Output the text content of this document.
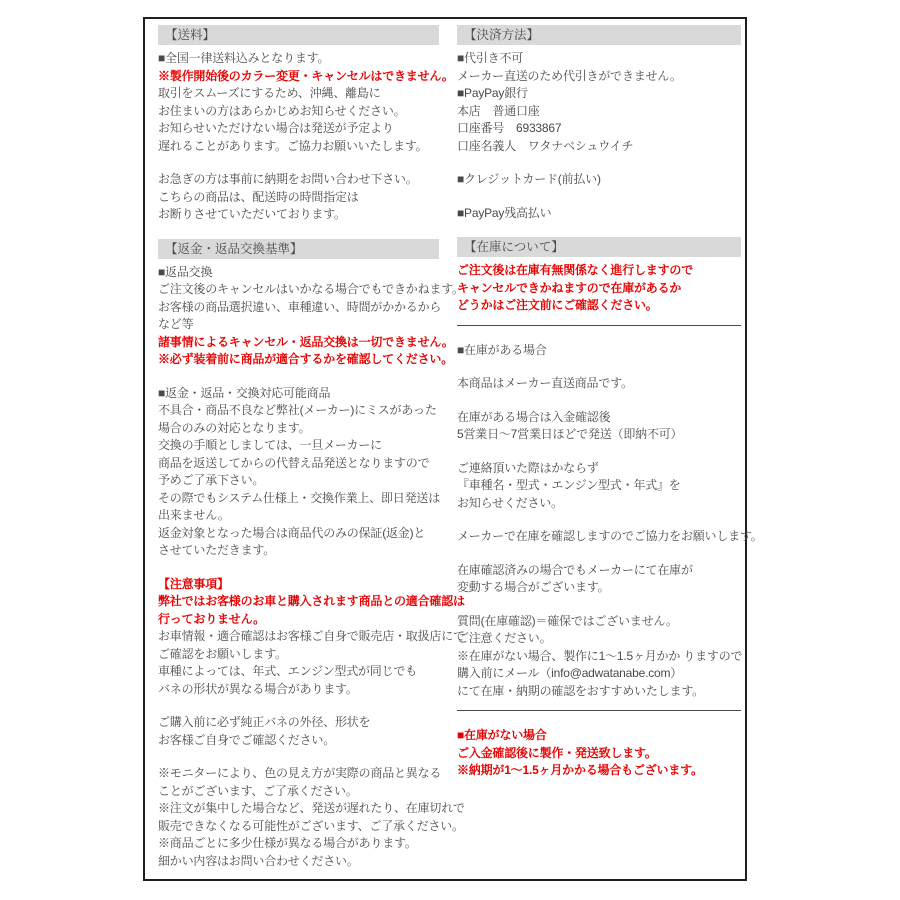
【送料】
■全国一律送料込みとなります。
※製作開始後のカラー変更・キャンセルはできません。
取引をスムーズにするため、沖縄、離島に
お住まいの方はあらかじめお知らせください。
お知らせいただけない場合は発送が予定より
遅れることがあります。ご協力お願いいたします。
お急ぎの方は事前に納期をお問い合わせ下さい。
こちらの商品は、配送時の時間指定は
お断りさせていただいております。
【返金・返品交換基準】
■返品交換
ご注文後のキャンセルはいかなる場合でもできかねます。
お客様の商品選択違い、車種違い、時間がかかるから
など等
諸事情によるキャンセル・返品交換は一切できません。
※必ず装着前に商品が適合するかを確認してください。
■返金・返品・交換対応可能商品
不具合・商品不良など弊社(メーカー)にミスがあった
場合のみの対応となります。
交換の手順としましては、一旦メーカーに
商品を返送してからの代替え品発送となりますので
予めご了承下さい。
その際でもシステム仕様上・交換作業上、即日発送は
出来ません。
返金対象となった場合は商品代のみの保証(返金)と
させていただきます。
【注意事項】
弊社ではお客様のお車と購入されます商品との適合確認は
行っておりません。
お車情報・適合確認はお客様ご自身で販売店・取扱店にて
ご確認をお願いします。
車種によっては、年式、エンジン型式が同じでも
バネの形状が異なる場合があります。
ご購入前に必ず純正バネの外径、形状を
お客様ご自身でご確認ください。
※モニターにより、色の見え方が実際の商品と異なる
ことがございます、ご了承ください。
※注文が集中した場合など、発送が遅れたり、在庫切れで
販売できなくなる可能性がございます、ご了承ください。
※商品ごとに多少仕様が異なる場合があります。
細かい内容はお問い合わせください。
【決済方法】
■代引き不可
メーカー直送のため代引きができません。
■PayPay銀行
本店　普通口座
口座番号　6933867
口座名義人　ワタナベシュウイチ
■クレジットカード(前払い)
■PayPay残高払い
【在庫について】
ご注文後は在庫有無関係なく進行しますので
キャンセルできかねますので在庫があるか
どうかはご注文前にご確認ください。
■在庫がある場合
本商品はメーカー直送商品です。
在庫がある場合は入金確認後
5営業日〜7営業日ほどで発送（即納不可）
ご連絡頂いた際はかならず
『車種名・型式・エンジン型式・年式』を
お知らせください。
メーカーで在庫を確認しますのでご協力をお願いします。
在庫確認済みの場合でもメーカーにて在庫が
変動する場合がございます。
質問(在庫確認)＝確保ではございません。
ご注意ください。
※在庫がない場合、製作に1〜1.5ヶ月かか りますので
購入前にメール（info@adwatanabe.com）
にて在庫・納期の確認をおすすめいたします。
■在庫がない場合
ご入金確認後に製作・発送致します。
※納期が1〜1.5ヶ月かかる場合もございます。
